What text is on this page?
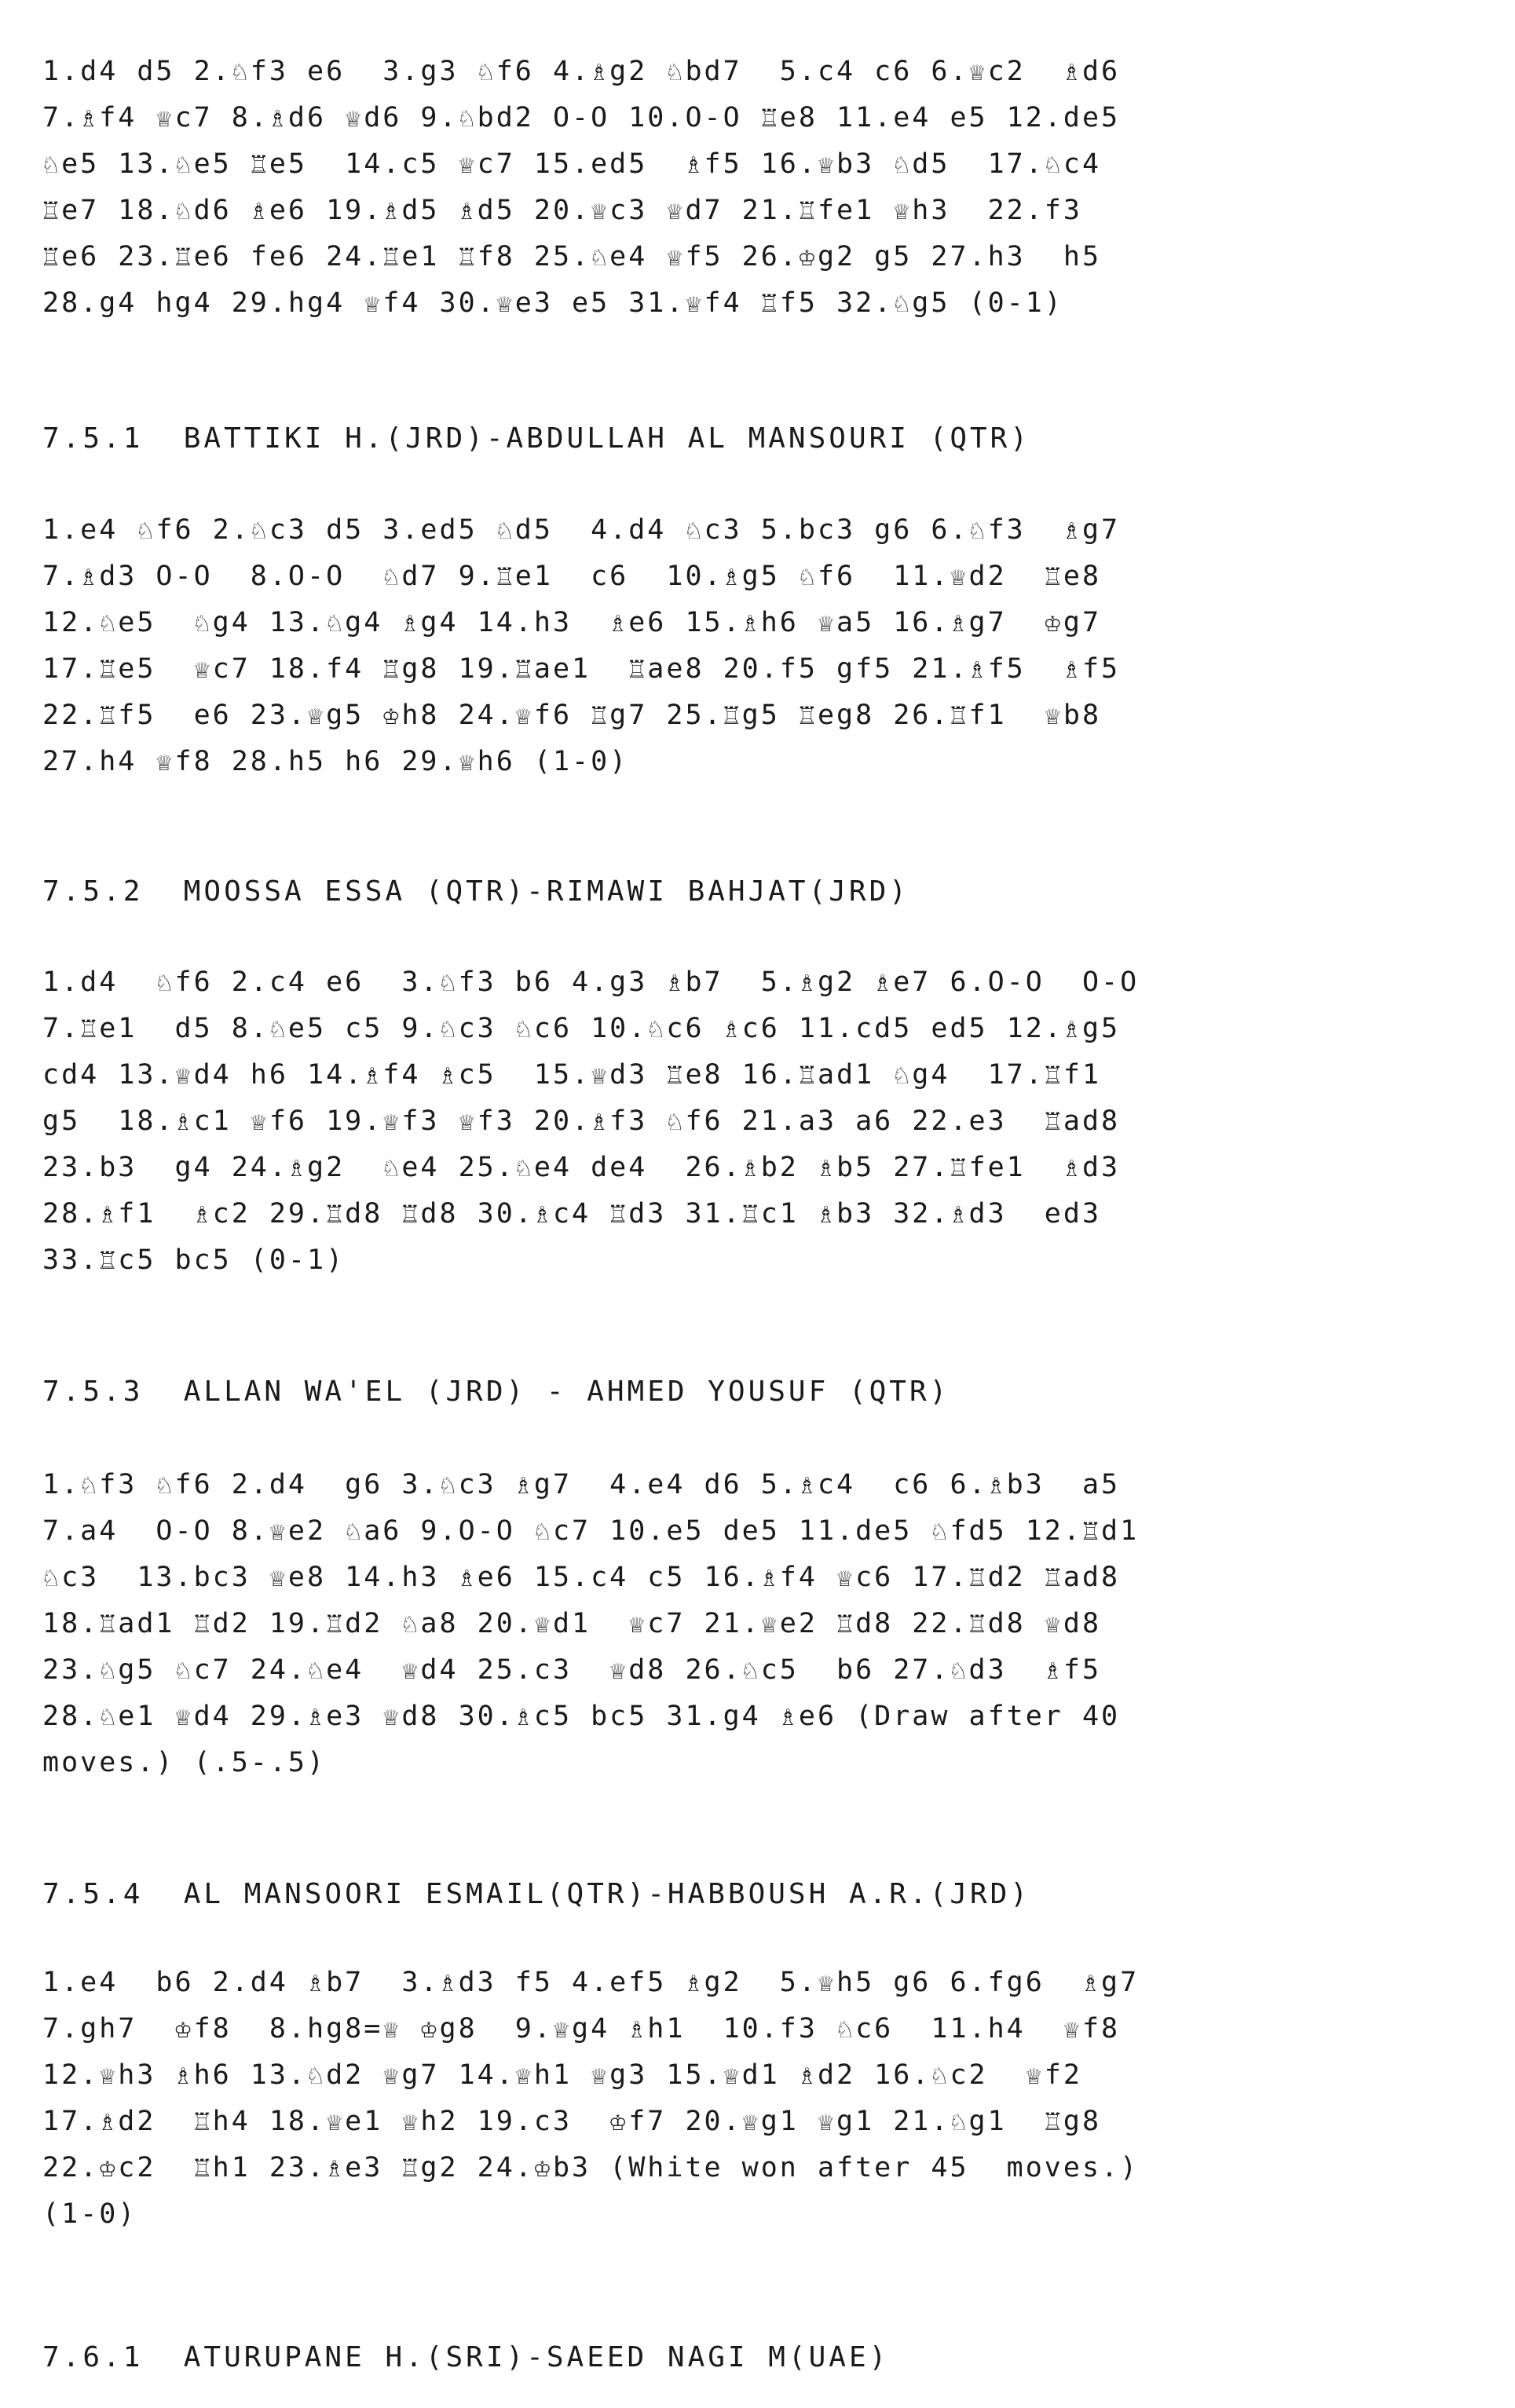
1.d4 d5 2.♘f3 e6  3.g3 ♘f6 4.♗g2 ♘bd7  5.c4 c6 6.♕c2  ♗d6
7.♗f4 ♕c7 8.♗d6 ♕d6 9.♘bd2 O-O 10.O-O ♖e8 11.e4 e5 12.de5
♘e5 13.♘e5 ♖e5  14.c5 ♕c7 15.ed5  ♗f5 16.♕b3 ♘d5  17.♘c4
♖e7 18.♘d6 ♗e6 19.♗d5 ♗d5 20.♕c3 ♕d7 21.♖fe1 ♕h3  22.f3
♖e6 23.♖e6 fe6 24.♖e1 ♖f8 25.♘e4 ♕f5 26.♔g2 g5 27.h3  h5
28.g4 hg4 29.hg4 ♕f4 30.♕e3 e5 31.♕f4 ♖f5 32.♘g5 (0-1)
7.5.1  BATTIKI H.(JRD)-ABDULLAH AL MANSOURI (QTR)
1.e4 ♘f6 2.♘c3 d5 3.ed5 ♘d5  4.d4 ♘c3 5.bc3 g6 6.♘f3  ♗g7
7.♗d3 O-O  8.O-O  ♘d7 9.♖e1  c6  10.♗g5 ♘f6  11.♕d2  ♖e8
12.♘e5  ♘g4 13.♘g4 ♗g4 14.h3  ♗e6 15.♗h6 ♕a5 16.♗g7  ♔g7
17.♖e5  ♕c7 18.f4 ♖g8 19.♖ae1  ♖ae8 20.f5 gf5 21.♗f5  ♗f5
22.♖f5  e6 23.♕g5 ♔h8 24.♕f6 ♖g7 25.♖g5 ♖eg8 26.♖f1  ♕b8
27.h4 ♕f8 28.h5 h6 29.♕h6 (1-0)
7.5.2  MOOSSA ESSA (QTR)-RIMAWI BAHJAT(JRD)
1.d4  ♘f6 2.c4 e6  3.♘f3 b6 4.g3 ♗b7  5.♗g2 ♗e7 6.O-O  O-O
7.♖e1  d5 8.♘e5 c5 9.♘c3 ♘c6 10.♘c6 ♗c6 11.cd5 ed5 12.♗g5
cd4 13.♕d4 h6 14.♗f4 ♗c5  15.♕d3 ♖e8 16.♖ad1 ♘g4  17.♖f1
g5  18.♗c1 ♕f6 19.♕f3 ♕f3 20.♗f3 ♘f6 21.a3 a6 22.e3  ♖ad8
23.b3  g4 24.♗g2  ♘e4 25.♘e4 de4  26.♗b2 ♗b5 27.♖fe1  ♗d3
28.♗f1  ♗c2 29.♖d8 ♖d8 30.♗c4 ♖d3 31.♖c1 ♗b3 32.♗d3  ed3
33.♖c5 bc5 (0-1)
7.5.3  ALLAN WA'EL (JRD) - AHMED YOUSUF (QTR)
1.♘f3 ♘f6 2.d4  g6 3.♘c3 ♗g7  4.e4 d6 5.♗c4  c6 6.♗b3  a5
7.a4  O-O 8.♕e2 ♘a6 9.O-O ♘c7 10.e5 de5 11.de5 ♘fd5 12.♖d1
♘c3  13.bc3 ♕e8 14.h3 ♗e6 15.c4 c5 16.♗f4 ♕c6 17.♖d2 ♖ad8
18.♖ad1 ♖d2 19.♖d2 ♘a8 20.♕d1  ♕c7 21.♕e2 ♖d8 22.♖d8 ♕d8
23.♘g5 ♘c7 24.♘e4  ♕d4 25.c3  ♕d8 26.♘c5  b6 27.♘d3  ♗f5
28.♘e1 ♕d4 29.♗e3 ♕d8 30.♗c5 bc5 31.g4 ♗e6 (Draw after 40
moves.) (.5-.5)
7.5.4  AL MANSOORI ESMAIL(QTR)-HABBOUSH A.R.(JRD)
1.e4  b6 2.d4 ♗b7  3.♗d3 f5 4.ef5 ♗g2  5.♕h5 g6 6.fg6  ♗g7
7.gh7  ♔f8  8.hg8=♕ ♔g8  9.♕g4 ♗h1  10.f3 ♘c6  11.h4  ♕f8
12.♕h3 ♗h6 13.♘d2 ♕g7 14.♕h1 ♕g3 15.♕d1 ♗d2 16.♘c2  ♕f2
17.♗d2  ♖h4 18.♕e1 ♕h2 19.c3  ♔f7 20.♕g1 ♕g1 21.♘g1  ♖g8
22.♔c2  ♖h1 23.♗e3 ♖g2 24.♔b3 (White won after 45  moves.)
(1-0)
7.6.1  ATURUPANE H.(SRI)-SAEED NAGI M(UAE)
